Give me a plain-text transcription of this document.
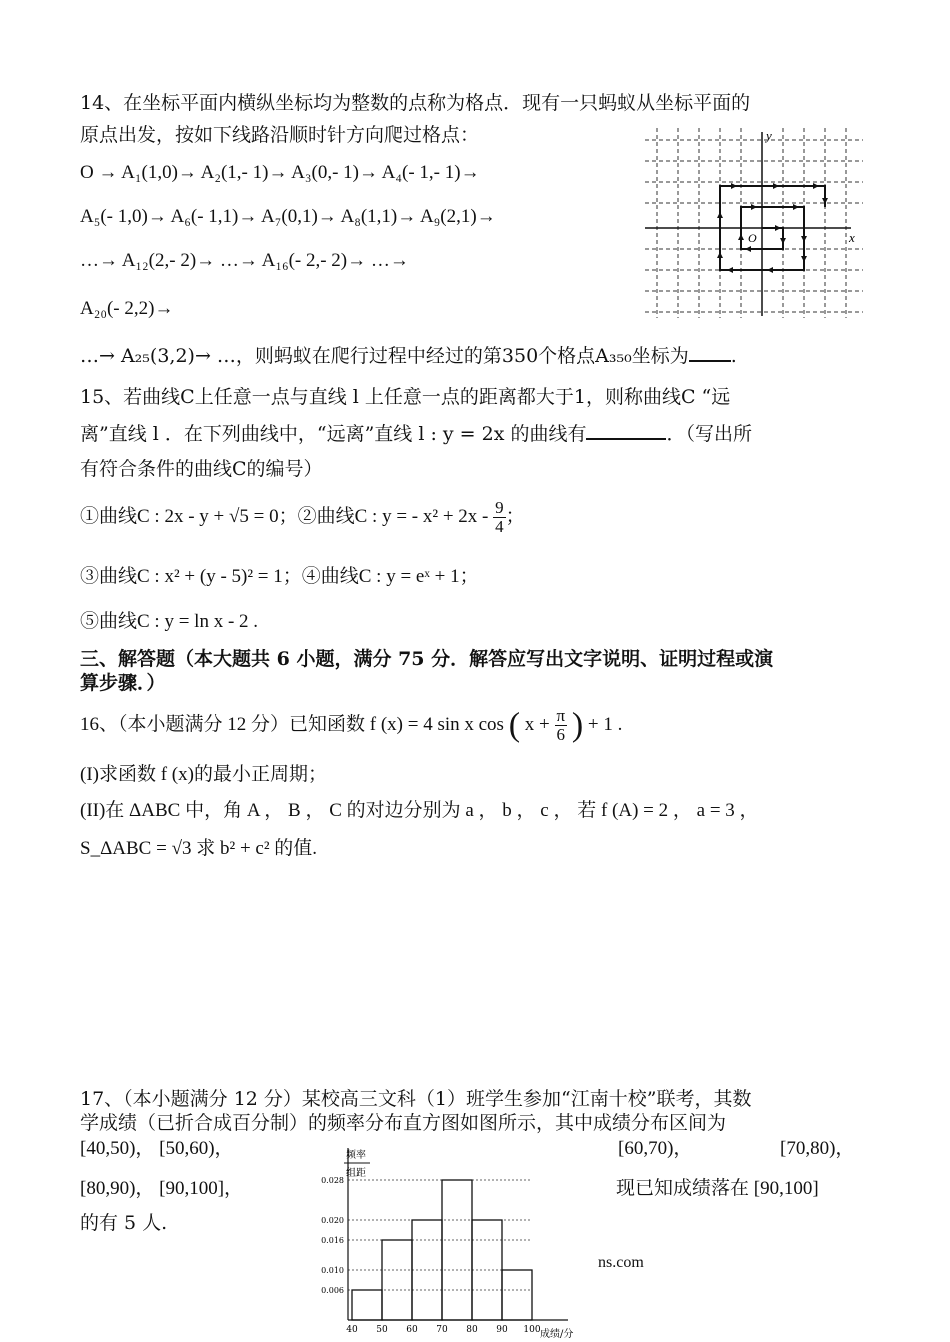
14、在坐标平面内横纵坐标均为整数的点称为格点．现有一只蚂蚁从坐标平面的
原点出发，按如下线路沿顺时针方向爬过格点：
O → A₁(1,0)→ A₂(1,- 1)→ A₃(0,- 1)→ A₄(- 1,- 1)→
A₅(- 1,0)→ A₆(- 1,1)→ A₇(0,1)→ A₈(1,1)→ A₉(2,1)→
…→ A₁₂(2,- 2)→ …→ A₁₆(- 2,- 2)→ …→
A₂₀(- 2,2)→
…→ A₂₅(3,2)→ …，则蚂蚁在爬行过程中经过的第350个格点A₃₅₀坐标为 .
x
y
O
15、若曲线C上任意一点与直线 l 上任意一点的距离都大于1，则称曲线C “远
离”直线 l ．在下列曲线中，“远离”直线 l : y = 2x 的曲线有	．（写出所
有符合条件的曲线C的编号）
①曲线C : 2x - y + √5 = 0；②曲线C : y = - $x^2 + 2x - \frac{9}{4}$ ；
③曲线C : x² + (y - 5)² = 1；④曲线C : y = eˣ + 1；
⑤曲线C : y = ln x - 2 .
三、解答题（本大题共 6 小题，满分 75 分．解答应写出文字说明、证明过程或演
算步骤．）
16、（本小题满分 12 分）已知函数 f (x) = 4 sin x cos ( $x + \frac{\pi}{6}$ ) + 1 .
(I)求函数 f (x)的最小正周期；
(II)在 ΔABC 中，角 A ， B ， C 的对边分别为 a ， b ， c ， 若 f (A) = 2 ， a = 3 ，
S_ΔABC = √3 求 b² + c² 的值.
17、（本小题满分 12 分）某校高三文科（1）班学生参加“江南十校”联考，其数
学成绩（已折合成百分制）的频率分布直方图如图所示，其中成绩分布区间为
[40,50)， [50,60)，	[60,70)，	[70,80)，
[80,90)， [90,100]，	现已知成绩落在 [90,100]
的有 5 人.
ns.com
频率
组距
成绩/分
0.006
0.010
0.016
0.020
0.028
40 50 60 70 80 90 100
